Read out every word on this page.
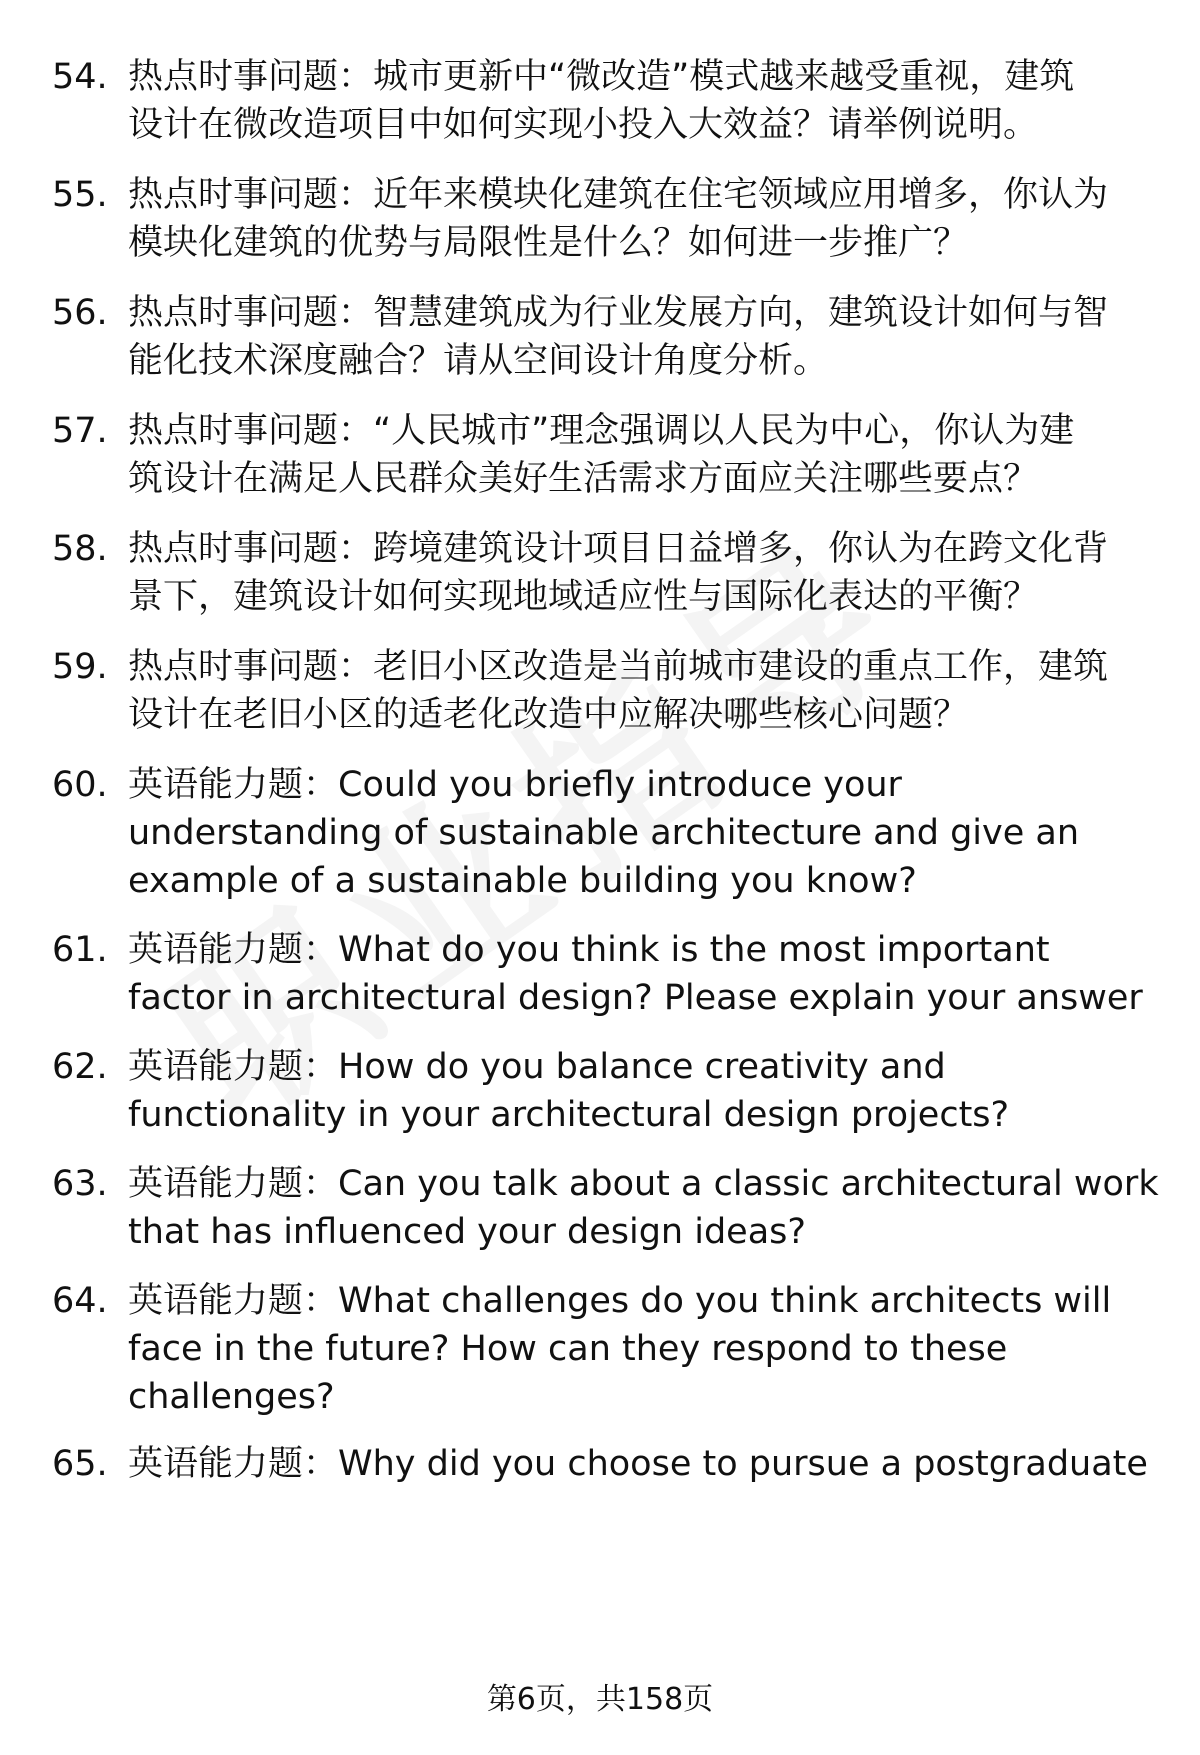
54. 热点时事问题：城市更新中“微改造”模式越来越受重视，建筑
设计在微改造项目中如何实现小投入大效益？请举例说明。
55. 热点时事问题：近年来模块化建筑在住宅领域应用增多，你认为
模块化建筑的优势与局限性是什么？如何进一步推广？
56. 热点时事问题：智慧建筑成为行业发展方向，建筑设计如何与智
能化技术深度融合？请从空间设计角度分析。
57. 热点时事问题：“人民城市”理念强调以人民为中心，你认为建
筑设计在满足人民群众美好生活需求方面应关注哪些要点？
58. 热点时事问题：跨境建筑设计项目日益增多，你认为在跨文化背
景下，建筑设计如何实现地域适应性与国际化表达的平衡？
59. 热点时事问题：老旧小区改造是当前城市建设的重点工作，建筑
设计在老旧小区的适老化改造中应解决哪些核心问题？
60. 英语能力题：Could you briefly introduce your
understanding of sustainable architecture and give an
example of a sustainable building you know?
61. 英语能力题：What do you think is the most important
factor in architectural design? Please explain your answer
62. 英语能力题：How do you balance creativity and
functionality in your architectural design projects?
63. 英语能力题：Can you talk about a classic architectural work
that has influenced your design ideas?
64. 英语能力题：What challenges do you think architects will
face in the future? How can they respond to these
challenges?
65. 英语能力题：Why did you choose to pursue a postgraduate
第6页，共158页
